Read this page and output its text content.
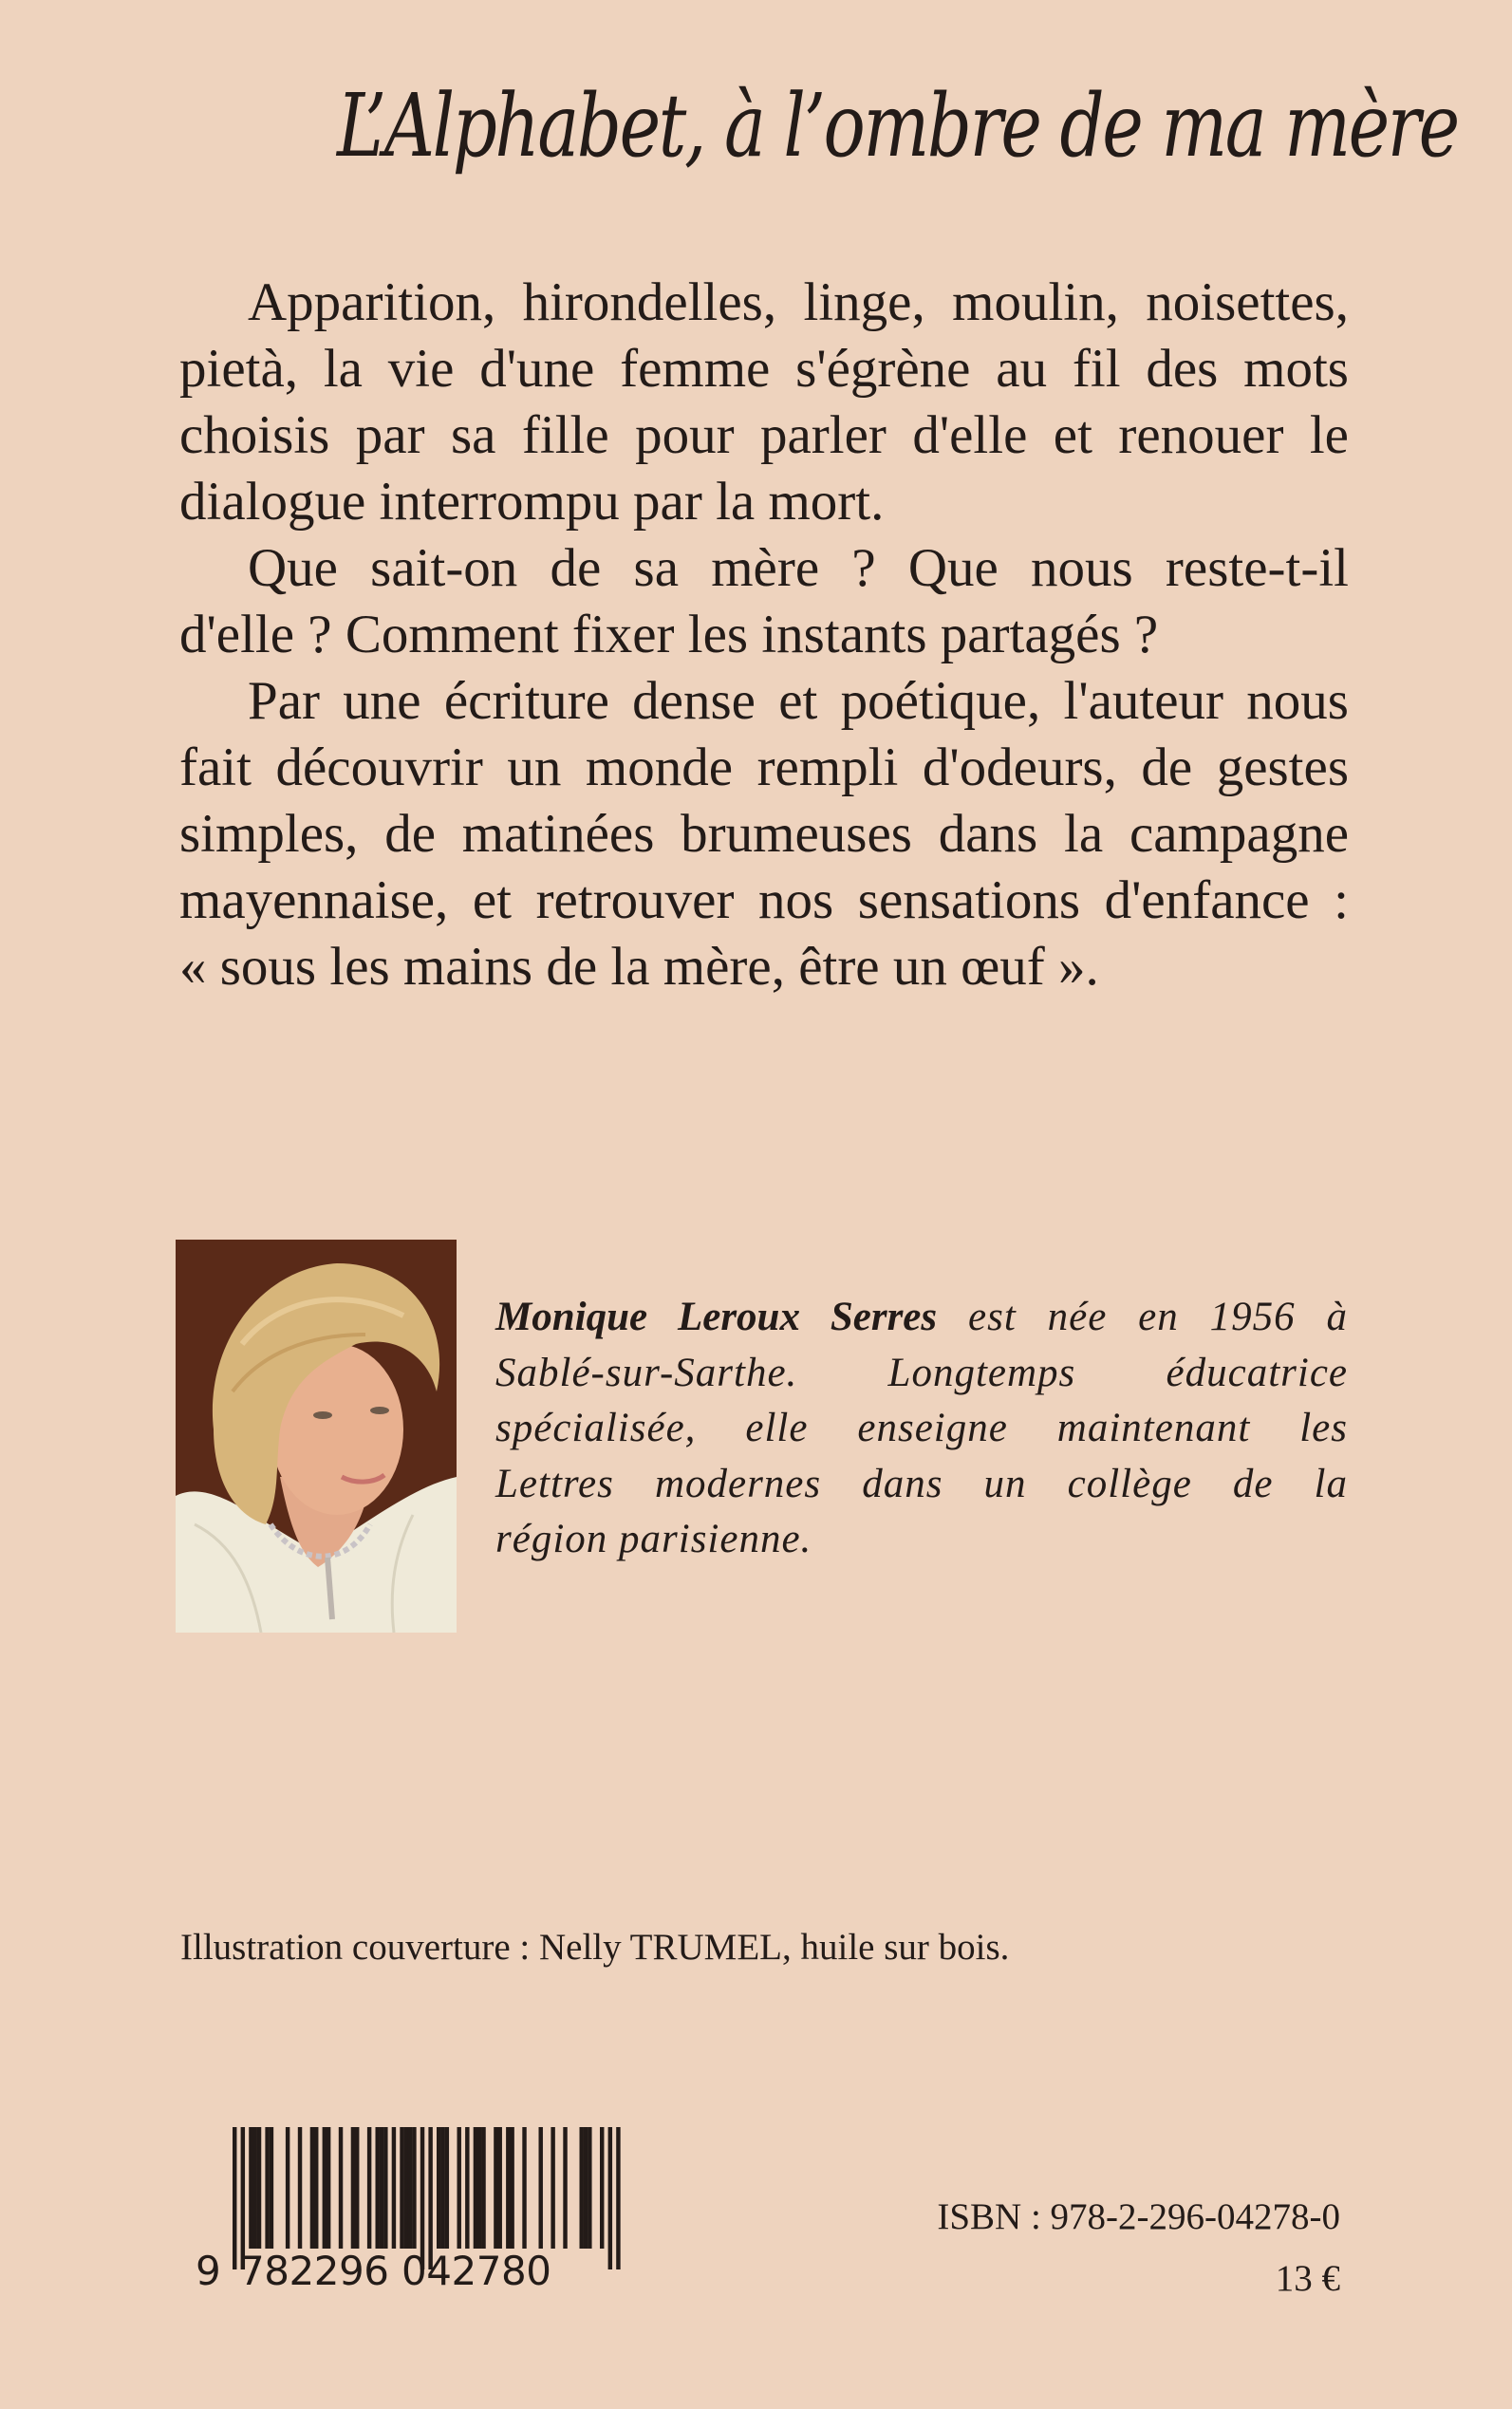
L’Alphabet, à l’ombre de ma mère

Apparition, hirondelles, linge, moulin, noisettes,
pietà, la vie d'une femme s'égrène au fil des mots
choisis par sa fille pour parler d'elle et renouer le
dialogue interrompu par la mort.

Que sait-on de sa mère ? Que nous reste-t-il
d'elle ? Comment fixer les instants partagés ?

Par une écriture dense et poétique, l'auteur nous
fait découvrir un monde rempli d'odeurs, de gestes
simples, de matinées brumeuses dans la campagne
mayennaise, et retrouver nos sensations d'enfance :
« sous les mains de la mère, être un œuf ».

Monique Leroux Serres est née en 1956 à
Sablé-sur-Sarthe. Longtemps éducatrice
spécialisée, elle enseigne maintenant les
Lettres modernes dans un collège de la
région parisienne.
Illustration couverture : Nelly TRUMEL, huile sur bois.
9 782296 042780
ISBN : 978-2-296-04278-0
13 €
